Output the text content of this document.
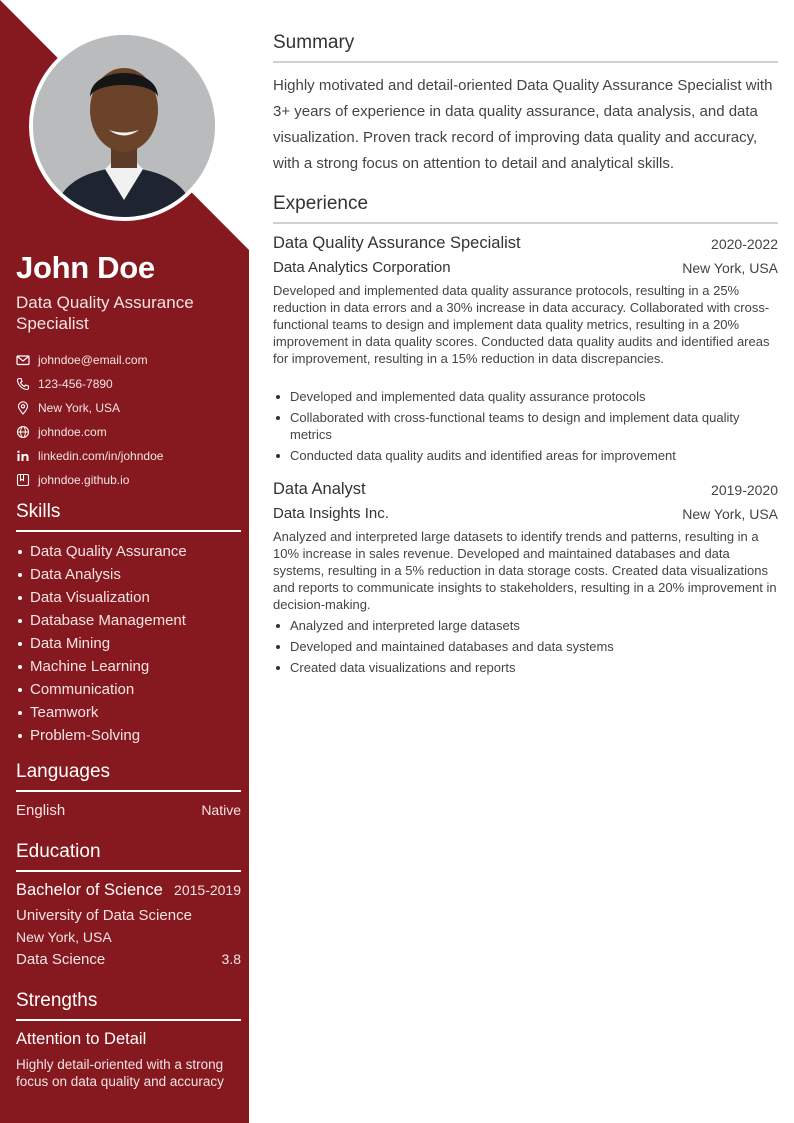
John Doe
Data Quality Assurance Specialist
johndoe@email.com
123-456-7890
New York, USA
johndoe.com
linkedin.com/in/johndoe
johndoe.github.io
Skills
Data Quality Assurance
Data Analysis
Data Visualization
Database Management
Data Mining
Machine Learning
Communication
Teamwork
Problem-Solving
Languages
English	Native
Education
Bachelor of Science 2015-2019
University of Data Science
New York, USA
Data Science	3.8
Strengths
Attention to Detail
Highly detail-oriented with a strong focus on data quality and accuracy
Summary
Highly motivated and detail-oriented Data Quality Assurance Specialist with 3+ years of experience in data quality assurance, data analysis, and data visualization. Proven track record of improving data quality and accuracy, with a strong focus on attention to detail and analytical skills.
Experience
Data Quality Assurance Specialist	2020-2022
Data Analytics Corporation	New York, USA
Developed and implemented data quality assurance protocols, resulting in a 25% reduction in data errors and a 30% increase in data accuracy. Collaborated with cross-functional teams to design and implement data quality metrics, resulting in a 20% improvement in data quality scores. Conducted data quality audits and identified areas for improvement, resulting in a 15% reduction in data discrepancies.
Developed and implemented data quality assurance protocols
Collaborated with cross-functional teams to design and implement data quality metrics
Conducted data quality audits and identified areas for improvement
Data Analyst	2019-2020
Data Insights Inc.	New York, USA
Analyzed and interpreted large datasets to identify trends and patterns, resulting in a 10% increase in sales revenue. Developed and maintained databases and data systems, resulting in a 5% reduction in data storage costs. Created data visualizations and reports to communicate insights to stakeholders, resulting in a 20% improvement in decision-making.
Analyzed and interpreted large datasets
Developed and maintained databases and data systems
Created data visualizations and reports
